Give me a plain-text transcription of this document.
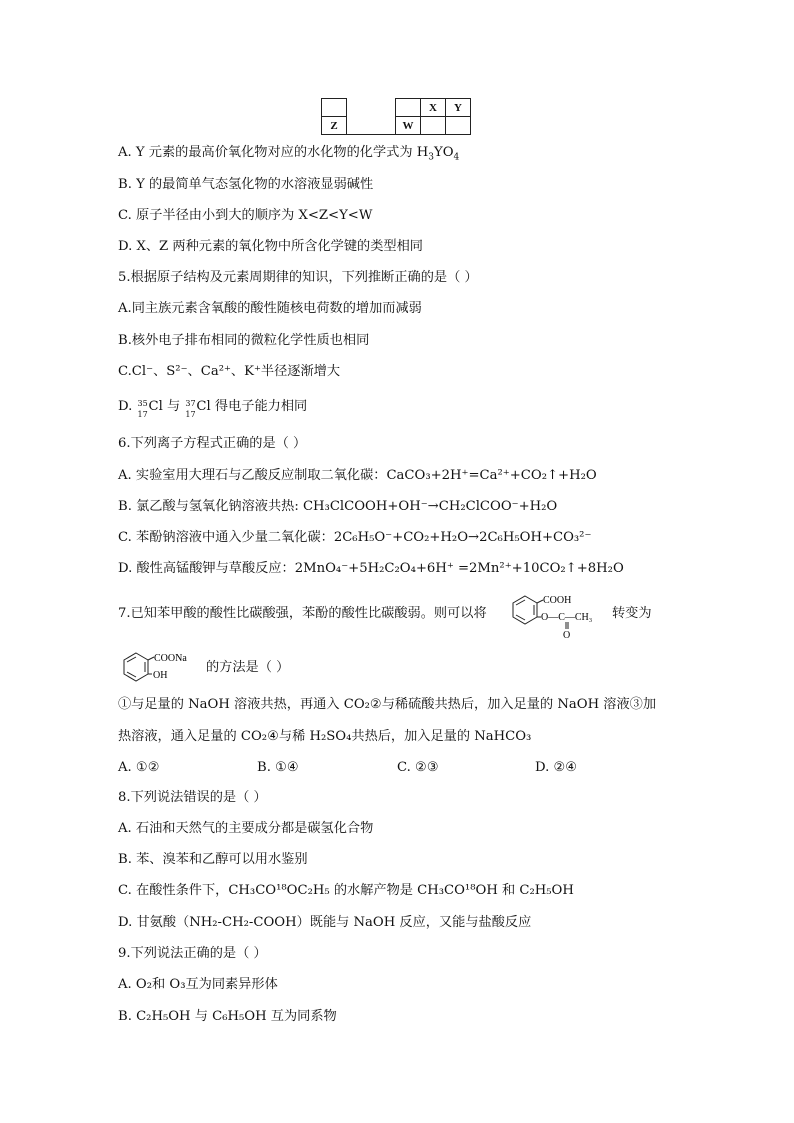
				X	Y
Z			W		
A. Y 元素的最高价氧化物对应的水化物的化学式为 $H_3YO_4$
B. Y 的最简单气态氢化物的水溶液显弱碱性
C. 原子半径由小到大的顺序为 X<Z<Y<W
D. X、Z 两种元素的氧化物中所含化学键的类型相同
5.根据原子结构及元素周期律的知识，下列推断正确的是（ ）
A.同主族元素含氧酸的酸性随核电荷数的增加而减弱
B.核外电子排布相同的微粒化学性质也相同
C.Cl⁻、S²⁻、Ca²⁺、K⁺半径逐渐增大
D. 35
17
Cl 与 37
17
Cl 得电子能力相同
6.下列离子方程式正确的是（ ）
A. 实验室用大理石与乙酸反应制取二氧化碳：CaCO₃+2H⁺=Ca²⁺+CO₂↑+H₂O
B. 氯乙酸与氢氧化钠溶液共热: CH₃ClCOOH+OH⁻→CH₂ClCOO⁻+H₂O
C. 苯酚钠溶液中通入少量二氧化碳：2C₆H₅O⁻+CO₂+H₂O→2C₆H₅OH+CO₃²⁻
D. 酸性高锰酸钾与草酸反应：2MnO₄⁻+5H₂C₂O₄+6H⁺ =2Mn²⁺+10CO₂↑+8H₂O
7.已知苯甲酸的酸性比碳酸强，苯酚的酸性比碳酸弱。则可以将
COOH
O—C—CH₃
O
转变为
COONa
OH
的方法是（ ）
①与足量的 NaOH 溶液共热，再通入 CO₂②与稀硫酸共热后，加入足量的 NaOH 溶液③加
热溶液，通入足量的 CO₂④与稀 H₂SO₄共热后，加入足量的 NaHCO₃
A. ①②	B. ①④	C. ②③	D. ②④
8.下列说法错误的是（ ）
A. 石油和天然气的主要成分都是碳氢化合物
B. 苯、溴苯和乙醇可以用水鉴别
C. 在酸性条件下，CH₃CO¹⁸OC₂H₅ 的水解产物是 CH₃CO¹⁸OH 和 C₂H₅OH
D. 甘氨酸（NH₂-CH₂-COOH）既能与 NaOH 反应，又能与盐酸反应
9.下列说法正确的是（ ）
A. O₂和 O₃互为同素异形体
B. C₂H₅OH 与 C₆H₅OH 互为同系物
